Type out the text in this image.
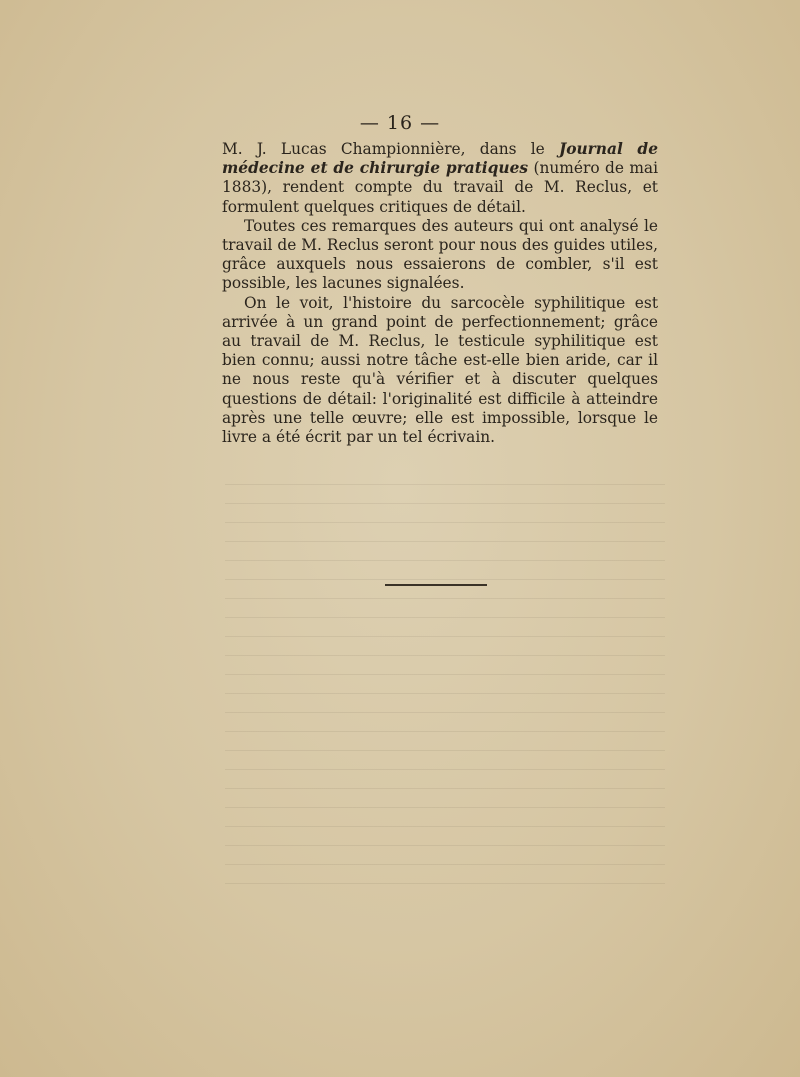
— 16 —

M. J. Lucas Championnière, dans le Journal de médecine et de chirurgie pratiques (numéro de mai 1883), rendent compte du travail de M. Reclus, et formulent quelques critiques de détail.

Toutes ces remarques des auteurs qui ont analysé le travail de M. Reclus seront pour nous des guides utiles, grâce auxquels nous essaierons de combler, s'il est possible, les lacunes signalées.

On le voit, l'histoire du sarcocèle syphilitique est arrivée à un grand point de perfectionnement; grâce au travail de M. Reclus, le testicule syphilitique est bien connu; aussi notre tâche est-elle bien aride, car il ne nous reste qu'à vérifier et à discuter quelques questions de détail: l'originalité est difficile à atteindre après une telle œuvre; elle est impossible, lorsque le livre a été écrit par un tel écrivain.
